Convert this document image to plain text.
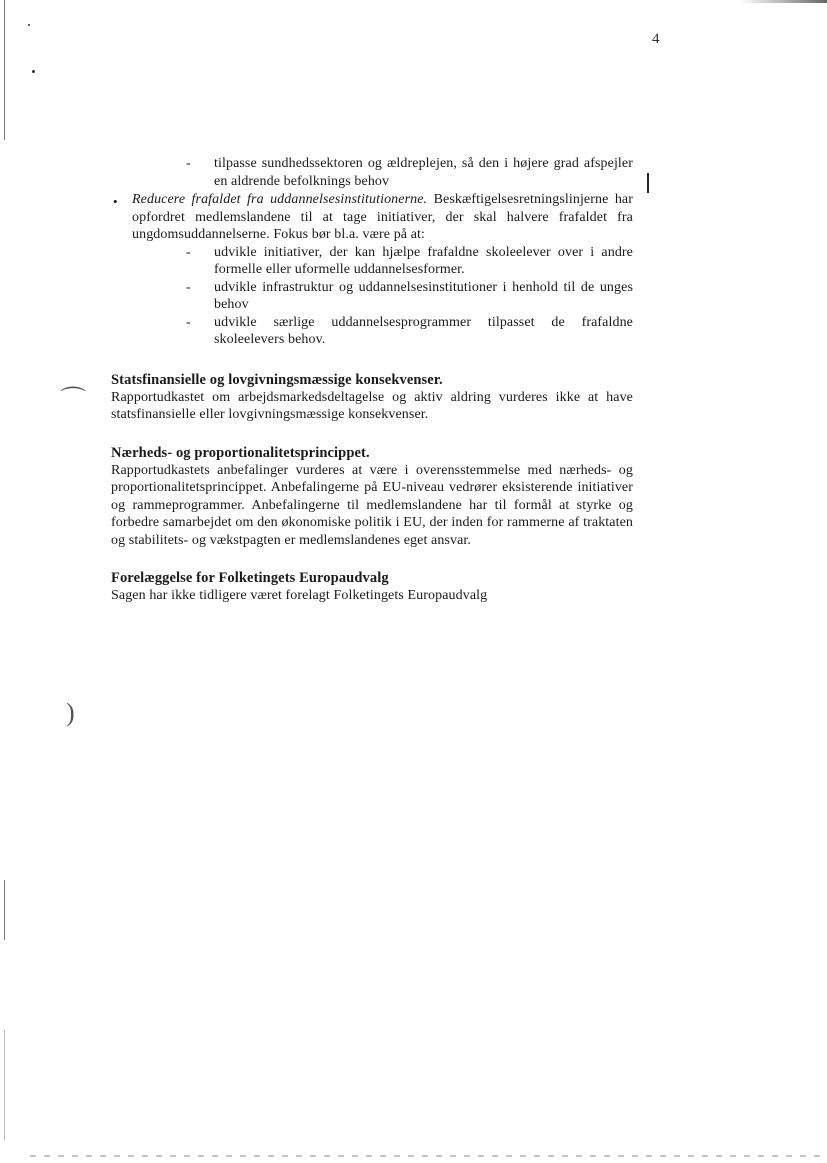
4
⌒
)
- tilpasse sundhedssektoren og ældreplejen, så den i højere grad afspejler en aldrende befolknings behov
• Reducere frafaldet fra uddannelsesinstitutionerne. Beskæftigelsesretningslinjerne har opfordret medlemslandene til at tage initiativer, der skal halvere frafaldet fra ungdomsuddannelserne. Fokus bør bl.a. være på at:

- udvikle initiativer, der kan hjælpe frafaldne skoleelever over i andre formelle eller uformelle uddannelsesformer.
- udvikle infrastruktur og uddannelsesinstitutioner i henhold til de unges behov
- udvikle særlige uddannelsesprogrammer tilpasset de frafaldne skoleelevers behov.
Statsfinansielle og lovgivningsmæssige konsekvenser.

Rapportudkastet om arbejdsmarkedsdeltagelse og aktiv aldring vurderes ikke at have statsfinansielle eller lovgivningsmæssige konsekvenser.

Nærheds- og proportionalitetsprincippet.

Rapportudkastets anbefalinger vurderes at være i overensstemmelse med nærheds- og proportionalitetsprincippet. Anbefalingerne på EU-niveau vedrører eksisterende initiativer og rammeprogrammer. Anbefalingerne til medlemslandene har til formål at styrke og forbedre samarbejdet om den økonomiske politik i EU, der inden for rammerne af traktaten og stabilitets- og vækstpagten er medlemslandenes eget ansvar.

Forelæggelse for Folketingets Europaudvalg

Sagen har ikke tidligere været forelagt Folketingets Europaudvalg
